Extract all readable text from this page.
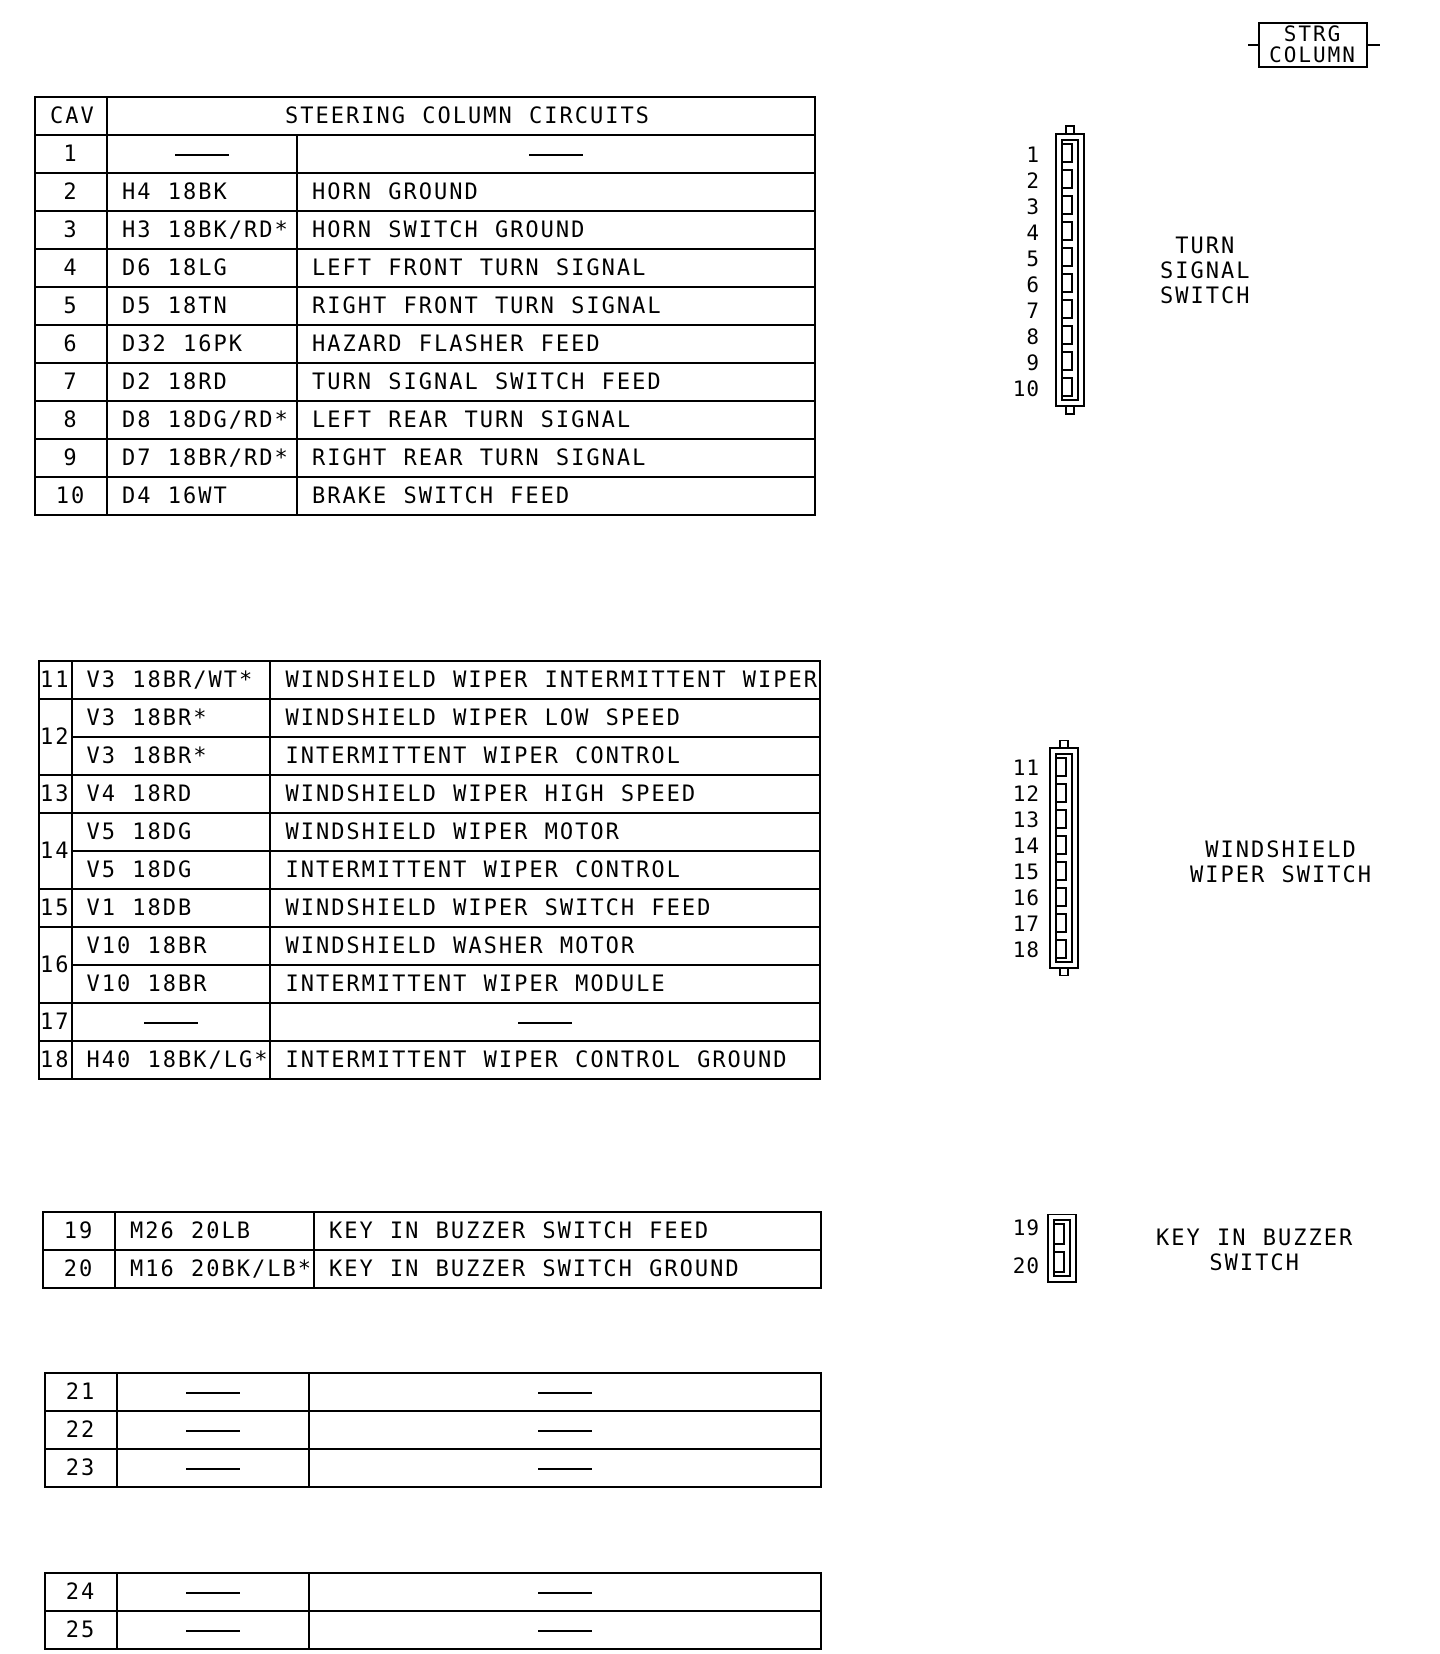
STRG
COLUMN
CAV	STEERING COLUMN CIRCUITS	
1		
2	H4 18BK	HORN GROUND
3	H3 18BK/RD*	HORN SWITCH GROUND
4	D6 18LG	LEFT FRONT TURN SIGNAL
5	D5 18TN	RIGHT FRONT TURN SIGNAL
6	D32 16PK	HAZARD FLASHER FEED
7	D2 18RD	TURN SIGNAL SWITCH FEED
8	D8 18DG/RD*	LEFT REAR TURN SIGNAL
9	D7 18BR/RD*	RIGHT REAR TURN SIGNAL
10	D4 16WT	BRAKE SWITCH FEED
11	V3 18BR/WT*	WINDSHIELD WIPER INTERMITTENT WIPER
12	V3 18BR*	WINDSHIELD WIPER LOW SPEED
	V3 18BR*	INTERMITTENT WIPER CONTROL
13	V4 18RD	WINDSHIELD WIPER HIGH SPEED
14	V5 18DG	WINDSHIELD WIPER MOTOR
	V5 18DG	INTERMITTENT WIPER CONTROL
15	V1 18DB	WINDSHIELD WIPER SWITCH FEED
16	V10 18BR	WINDSHIELD WASHER MOTOR
	V10 18BR	INTERMITTENT WIPER MODULE
17		
18	H40 18BK/LG*	INTERMITTENT WIPER CONTROL GROUND
19	M26 20LB	KEY IN BUZZER SWITCH FEED
20	M16 20BK/LB*	KEY IN BUZZER SWITCH GROUND
21		
22		
23		
24		
25		
1
2
3
4
5
6
7
8
9
10
TURN
SIGNAL
SWITCH
11
12
13
14
15
16
17
18
WINDSHIELD
WIPER SWITCH
19
20
KEY IN BUZZER
SWITCH
